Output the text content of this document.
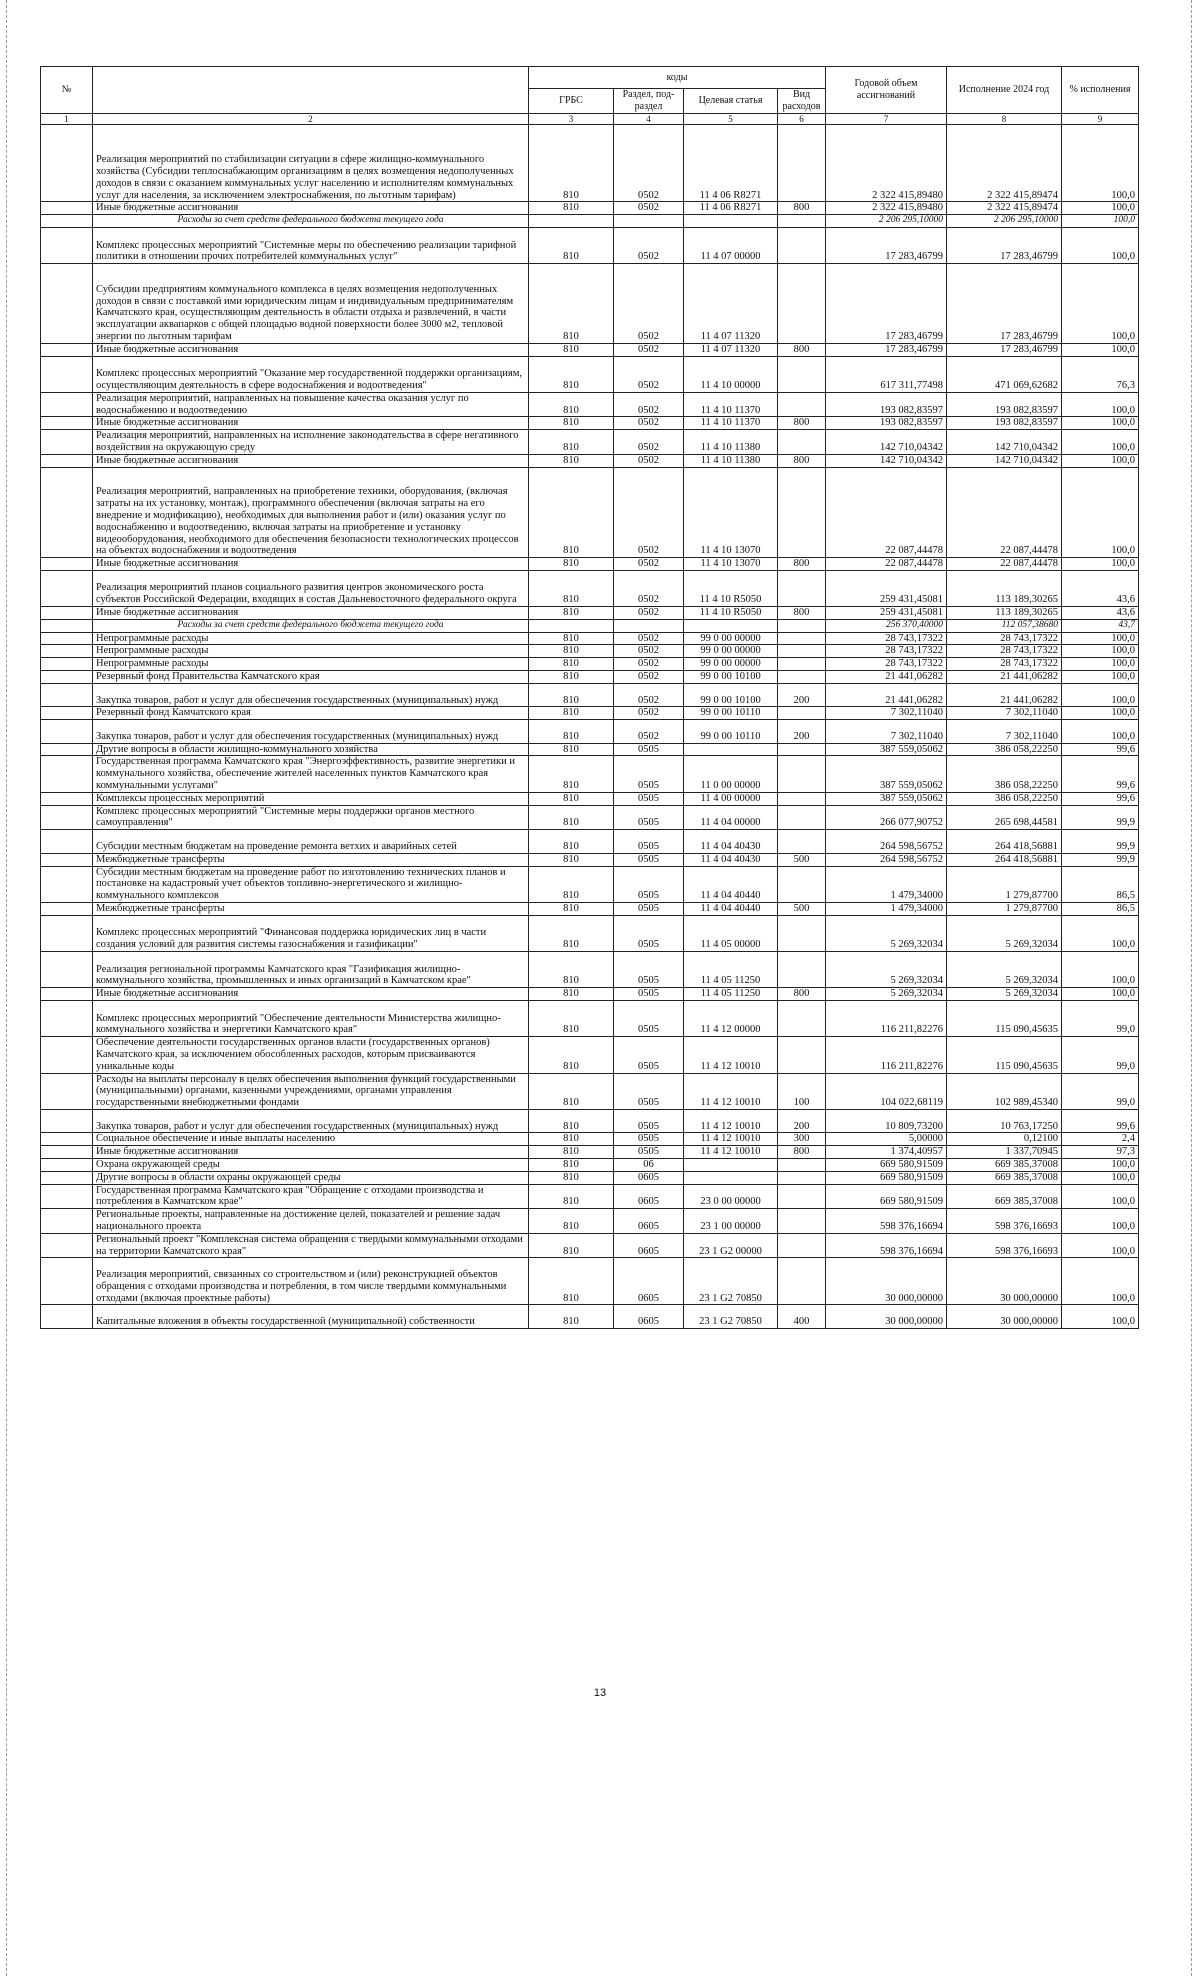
№		коды				Годовой объем ассигнований	Исполнение 2024 год	% исполнения
		ГРБС	Раздел, под-раздел	Целевая статья	Вид расходов			
1	2	3	4	5	6	7	8	9
	Реализация мероприятий по стабилизации ситуации в сфере жилищно-коммунального хозяйства (Субсидии теплоснабжающим организациям в целях возмещения недополученных доходов в связи с оказанием коммунальных услуг населению и исполнителям коммунальных услуг для населения, за исключением электроснабжения, по льготным тарифам)	810	0502	11 4 06 R8271		2 322 415,89480	2 322 415,89474	100,0
	Иные бюджетные ассигнования	810	0502	11 4 06 R8271	800	2 322 415,89480	2 322 415,89474	100,0
	Расходы за счет средств федерального бюджета текущего года					2 206 295,10000	2 206 295,10000	100,0
	Комплекс процессных мероприятий "Системные меры по обеспечению реализации тарифной политики в отношении прочих потребителей коммунальных услуг"	810	0502	11 4 07 00000		17 283,46799	17 283,46799	100,0
	Субсидии предприятиям коммунального комплекса в целях возмещения недополученных доходов в связи с поставкой ими юридическим лицам и индивидуальным предпринимателям Камчатского края, осуществляющим деятельность в области отдыха и развлечений, в части эксплуатации аквапарков с общей площадью водной поверхности более 3000 м2, тепловой энергии по льготным тарифам	810	0502	11 4 07 11320		17 283,46799	17 283,46799	100,0
	Иные бюджетные ассигнования	810	0502	11 4 07 11320	800	17 283,46799	17 283,46799	100,0
	Комплекс процессных мероприятий "Оказание мер государственной поддержки организациям, осуществляющим деятельность в сфере водоснабжения и водоотведения"	810	0502	11 4 10 00000		617 311,77498	471 069,62682	76,3
	Реализация мероприятий, направленных на повышение качества оказания услуг по водоснабжению и водоотведению	810	0502	11 4 10 11370		193 082,83597	193 082,83597	100,0
	Иные бюджетные ассигнования	810	0502	11 4 10 11370	800	193 082,83597	193 082,83597	100,0
	Реализация мероприятий, направленных на исполнение законодательства в сфере негативного воздействия на окружающую среду	810	0502	11 4 10 11380		142 710,04342	142 710,04342	100,0
	Иные бюджетные ассигнования	810	0502	11 4 10 11380	800	142 710,04342	142 710,04342	100,0
	Реализация мероприятий, направленных на приобретение техники, оборудования, (включая затраты на их установку, монтаж), программного обеспечения (включая затраты на его внедрение и модификацию), необходимых для выполнения работ и (или) оказания услуг по водоснабжению и водоотведению, включая затраты на приобретение и установку видеооборудования, необходимого для обеспечения безопасности технологических процессов на объектах водоснабжения и водоотведения	810	0502	11 4 10 13070		22 087,44478	22 087,44478	100,0
	Иные бюджетные ассигнования	810	0502	11 4 10 13070	800	22 087,44478	22 087,44478	100,0
	Реализация мероприятий планов социального развития центров экономического роста субъектов Российской Федерации, входящих в состав Дальневосточного федерального округа	810	0502	11 4 10 R5050		259 431,45081	113 189,30265	43,6
	Иные бюджетные ассигнования	810	0502	11 4 10 R5050	800	259 431,45081	113 189,30265	43,6
	Расходы за счет средств федерального бюджета текущего года					256 370,40000	112 057,38680	43,7
	Непрограммные расходы	810	0502	99 0 00 00000		28 743,17322	28 743,17322	100,0
	Непрограммные расходы	810	0502	99 0 00 00000		28 743,17322	28 743,17322	100,0
	Непрограммные расходы	810	0502	99 0 00 00000		28 743,17322	28 743,17322	100,0
	Резервный фонд Правительства Камчатского края	810	0502	99 0 00 10100		21 441,06282	21 441,06282	100,0
	Закупка товаров, работ и услуг для обеспечения государственных (муниципальных) нужд	810	0502	99 0 00 10100	200	21 441,06282	21 441,06282	100,0
	Резервный фонд Камчатского края	810	0502	99 0 00 10110		7 302,11040	7 302,11040	100,0
	Закупка товаров, работ и услуг для обеспечения государственных (муниципальных) нужд	810	0502	99 0 00 10110	200	7 302,11040	7 302,11040	100,0
	Другие вопросы в области жилищно-коммунального хозяйства	810	0505			387 559,05062	386 058,22250	99,6
	Государственная программа Камчатского края "Энергоэффективность, развитие энергетики и коммунального хозяйства, обеспечение жителей населенных пунктов Камчатского края коммунальными услугами"	810	0505	11 0 00 00000		387 559,05062	386 058,22250	99,6
	Комплексы процессных мероприятий	810	0505	11 4 00 00000		387 559,05062	386 058,22250	99,6
	Комплекс процессных мероприятий "Системные меры поддержки органов местного самоуправления"	810	0505	11 4 04 00000		266 077,90752	265 698,44581	99,9
	Субсидии местным бюджетам на проведение ремонта ветхих и аварийных сетей	810	0505	11 4 04 40430		264 598,56752	264 418,56881	99,9
	Межбюджетные трансферты	810	0505	11 4 04 40430	500	264 598,56752	264 418,56881	99,9
	Субсидии местным бюджетам на проведение работ по изготовлению технических планов и постановке на кадастровый учет объектов топливно-энергетического и жилищно-коммунального комплексов	810	0505	11 4 04 40440		1 479,34000	1 279,87700	86,5
	Межбюджетные трансферты	810	0505	11 4 04 40440	500	1 479,34000	1 279,87700	86,5
	Комплекс процессных мероприятий "Финансовая поддержка юридических лиц в части создания условий для развития системы газоснабжения и газификации"	810	0505	11 4 05 00000		5 269,32034	5 269,32034	100,0
	Реализация региональной программы Камчатского края "Газификация жилищно-коммунального хозяйства, промышленных и иных организаций в Камчатском крае"	810	0505	11 4 05 11250		5 269,32034	5 269,32034	100,0
	Иные бюджетные ассигнования	810	0505	11 4 05 11250	800	5 269,32034	5 269,32034	100,0
	Комплекс процессных мероприятий "Обеспечение деятельности Министерства жилищно-коммунального хозяйства и энергетики Камчатского края"	810	0505	11 4 12 00000		116 211,82276	115 090,45635	99,0
	Обеспечение деятельности государственных органов власти (государственных органов) Камчатского края, за исключением обособленных расходов, которым присваиваются уникальные коды	810	0505	11 4 12 10010		116 211,82276	115 090,45635	99,0
	Расходы на выплаты персоналу в целях обеспечения выполнения функций государственными (муниципальными) органами, казенными учреждениями, органами управления государственными внебюджетными фондами	810	0505	11 4 12 10010	100	104 022,68119	102 989,45340	99,0
	Закупка товаров, работ и услуг для обеспечения государственных (муниципальных) нужд	810	0505	11 4 12 10010	200	10 809,73200	10 763,17250	99,6
	Социальное обеспечение и иные выплаты населению	810	0505	11 4 12 10010	300	5,00000	0,12100	2,4
	Иные бюджетные ассигнования	810	0505	11 4 12 10010	800	1 374,40957	1 337,70945	97,3
	Охрана окружающей среды	810	06			669 580,91509	669 385,37008	100,0
	Другие вопросы в области охраны окружающей среды	810	0605			669 580,91509	669 385,37008	100,0
	Государственная программа Камчатского края "Обращение с отходами производства и потребления в Камчатском крае"	810	0605	23 0 00 00000		669 580,91509	669 385,37008	100,0
	Региональные проекты, направленные на достижение целей, показателей и решение задач национального проекта	810	0605	23 1 00 00000		598 376,16694	598 376,16693	100,0
	Региональный проект "Комплексная система обращения с твердыми коммунальными отходами на территории Камчатского края"	810	0605	23 1 G2 00000		598 376,16694	598 376,16693	100,0
	Реализация мероприятий, связанных со строительством и (или) реконструкцией объектов обращения с отходами производства и потребления, в том числе твердыми коммунальными отходами (включая проектные работы)	810	0605	23 1 G2 70850		30 000,00000	30 000,00000	100,0
	Капитальные вложения в объекты государственной (муниципальной) собственности	810	0605	23 1 G2 70850	400	30 000,00000	30 000,00000	100,0
13
